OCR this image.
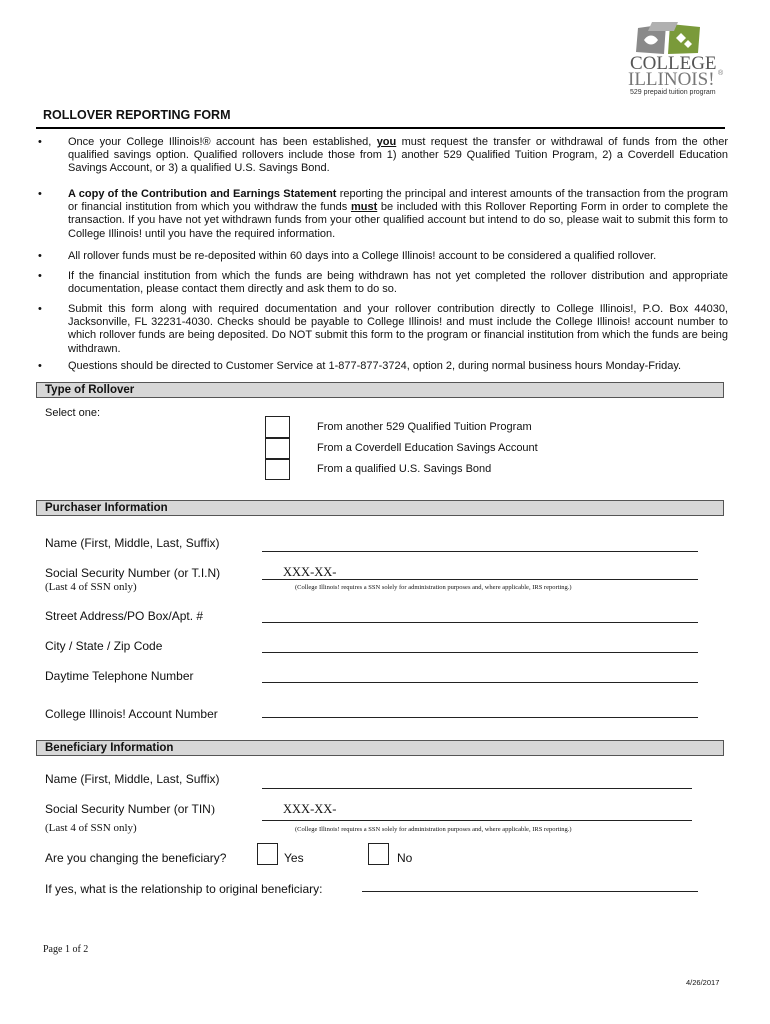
COLLEGE
ILLINOIS! ®
529 prepaid tuition program
ROLLOVER REPORTING FORM
• Once your College Illinois!® account has been established, you must request the transfer or withdrawal of funds from the other qualified savings option. Qualified rollovers include those from 1) another 529 Qualified Tuition Program, 2) a Coverdell Education Savings Account, or 3) a qualified U.S. Savings Bond.
• A copy of the Contribution and Earnings Statement reporting the principal and interest amounts of the transaction from the program or financial institution from which you withdraw the funds must be included with this Rollover Reporting Form in order to complete the transaction. If you have not yet withdrawn funds from your other qualified account but intend to do so, please wait to submit this form to College Illinois! until you have the required information.
• All rollover funds must be re-deposited within 60 days into a College Illinois! account to be considered a qualified rollover.
• If the financial institution from which the funds are being withdrawn has not yet completed the rollover distribution and appropriate documentation, please contact them directly and ask them to do so.
• Submit this form along with required documentation and your rollover contribution directly to College Illinois!, P.O. Box 44030, Jacksonville, FL 32231-4030. Checks should be payable to College Illinois! and must include the College Illinois! account number to which rollover funds are being deposited. Do NOT submit this form to the program or financial institution from which the funds are being withdrawn.
• Questions should be directed to Customer Service at 1-877-877-3724, option 2, during normal business hours Monday-Friday.
Type of Rollover
Select one:
From another 529 Qualified Tuition Program
From a Coverdell Education Savings Account
From a qualified U.S. Savings Bond
Purchaser Information
Name (First, Middle, Last, Suffix)
Social Security Number (or T.I.N)
(Last 4 of SSN only)
XXX-XX-
(College Illinois! requires a SSN solely for administration purposes and, where applicable, IRS reporting.)
Street Address/PO Box/Apt. #
City / State / Zip Code
Daytime Telephone Number
College Illinois! Account Number
Beneficiary Information
Name (First, Middle, Last, Suffix)
Social Security Number (or TIN)	XXX-XX-
(Last 4 of SSN only)	(College Illinois! requires a SSN solely for administration purposes and, where applicable, IRS reporting.)
Are you changing the beneficiary?	Yes	No
If yes, what is the relationship to original beneficiary:
Page 1 of 2
4/26/2017
